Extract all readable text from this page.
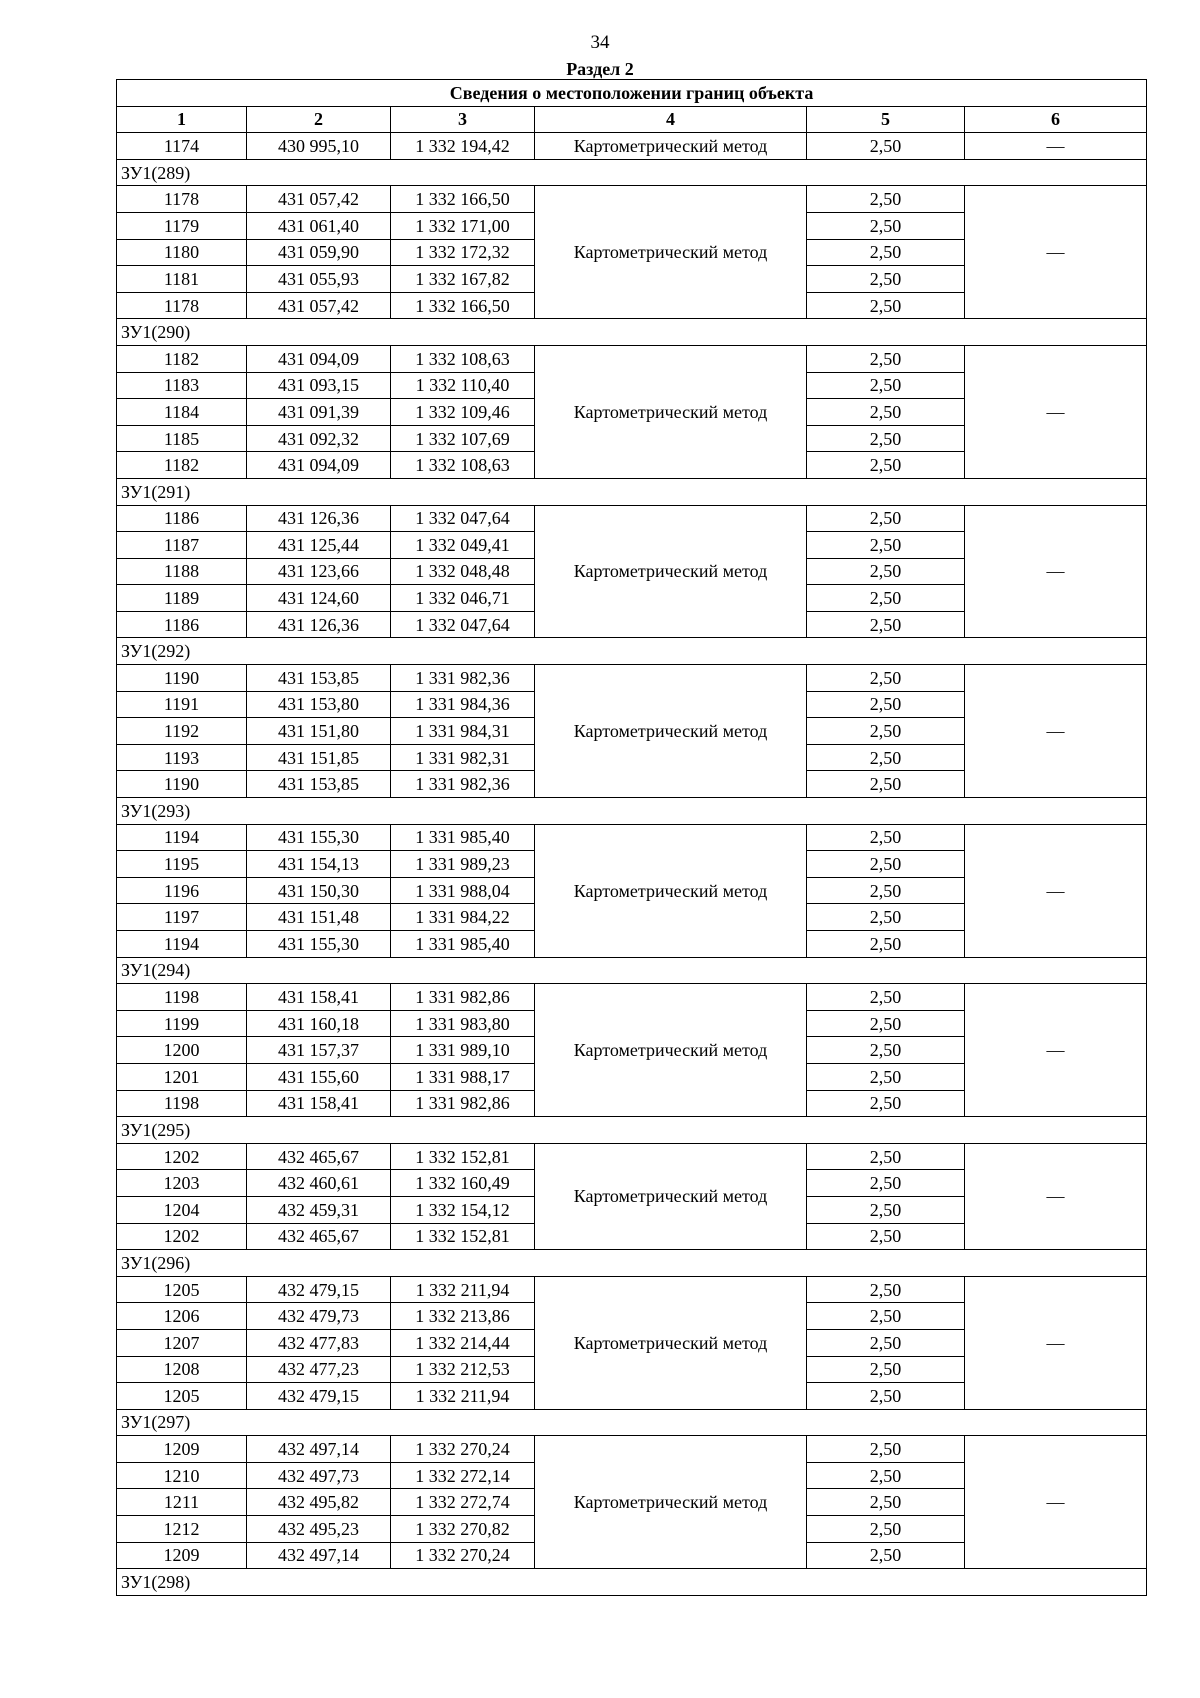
34
Раздел 2
Сведения о местоположении границ объекта					
1	2	3	4	5	6
1174	430 995,10	1 332 194,42	Картометрический метод	2,50	—
ЗУ1(289)					
1178	431 057,42	1 332 166,50	Картометрический метод	2,50	—
1179	431 061,40	1 332 171,00		2,50	
1180	431 059,90	1 332 172,32		2,50	
1181	431 055,93	1 332 167,82		2,50	
1178	431 057,42	1 332 166,50		2,50	
ЗУ1(290)					
1182	431 094,09	1 332 108,63	Картометрический метод	2,50	—
1183	431 093,15	1 332 110,40		2,50	
1184	431 091,39	1 332 109,46		2,50	
1185	431 092,32	1 332 107,69		2,50	
1182	431 094,09	1 332 108,63		2,50	
ЗУ1(291)					
1186	431 126,36	1 332 047,64	Картометрический метод	2,50	—
1187	431 125,44	1 332 049,41		2,50	
1188	431 123,66	1 332 048,48		2,50	
1189	431 124,60	1 332 046,71		2,50	
1186	431 126,36	1 332 047,64		2,50	
ЗУ1(292)					
1190	431 153,85	1 331 982,36	Картометрический метод	2,50	—
1191	431 153,80	1 331 984,36		2,50	
1192	431 151,80	1 331 984,31		2,50	
1193	431 151,85	1 331 982,31		2,50	
1190	431 153,85	1 331 982,36		2,50	
ЗУ1(293)					
1194	431 155,30	1 331 985,40	Картометрический метод	2,50	—
1195	431 154,13	1 331 989,23		2,50	
1196	431 150,30	1 331 988,04		2,50	
1197	431 151,48	1 331 984,22		2,50	
1194	431 155,30	1 331 985,40		2,50	
ЗУ1(294)					
1198	431 158,41	1 331 982,86	Картометрический метод	2,50	—
1199	431 160,18	1 331 983,80		2,50	
1200	431 157,37	1 331 989,10		2,50	
1201	431 155,60	1 331 988,17		2,50	
1198	431 158,41	1 331 982,86		2,50	
ЗУ1(295)					
1202	432 465,67	1 332 152,81	Картометрический метод	2,50	—
1203	432 460,61	1 332 160,49		2,50	
1204	432 459,31	1 332 154,12		2,50	
1202	432 465,67	1 332 152,81		2,50	
ЗУ1(296)					
1205	432 479,15	1 332 211,94	Картометрический метод	2,50	—
1206	432 479,73	1 332 213,86		2,50	
1207	432 477,83	1 332 214,44		2,50	
1208	432 477,23	1 332 212,53		2,50	
1205	432 479,15	1 332 211,94		2,50	
ЗУ1(297)					
1209	432 497,14	1 332 270,24	Картометрический метод	2,50	—
1210	432 497,73	1 332 272,14		2,50	
1211	432 495,82	1 332 272,74		2,50	
1212	432 495,23	1 332 270,82		2,50	
1209	432 497,14	1 332 270,24		2,50	
ЗУ1(298)					
